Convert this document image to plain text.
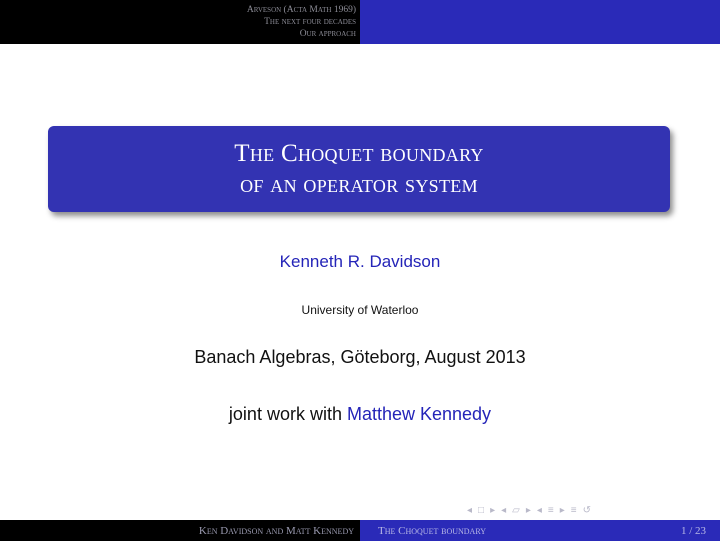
Arveson (Acta Math 1969)
The next four decades
Our approach
The Choquet boundary
of an operator system
Kenneth R. Davidson
University of Waterloo
Banach Algebras, Göteborg, August 2013
joint work with Matthew Kennedy
◂ □ ▸ ◂ ▱ ▸ ◂ ≡ ▸ ≡ ↺
Ken Davidson and Matt Kennedy The Choquet boundary	1 / 23
